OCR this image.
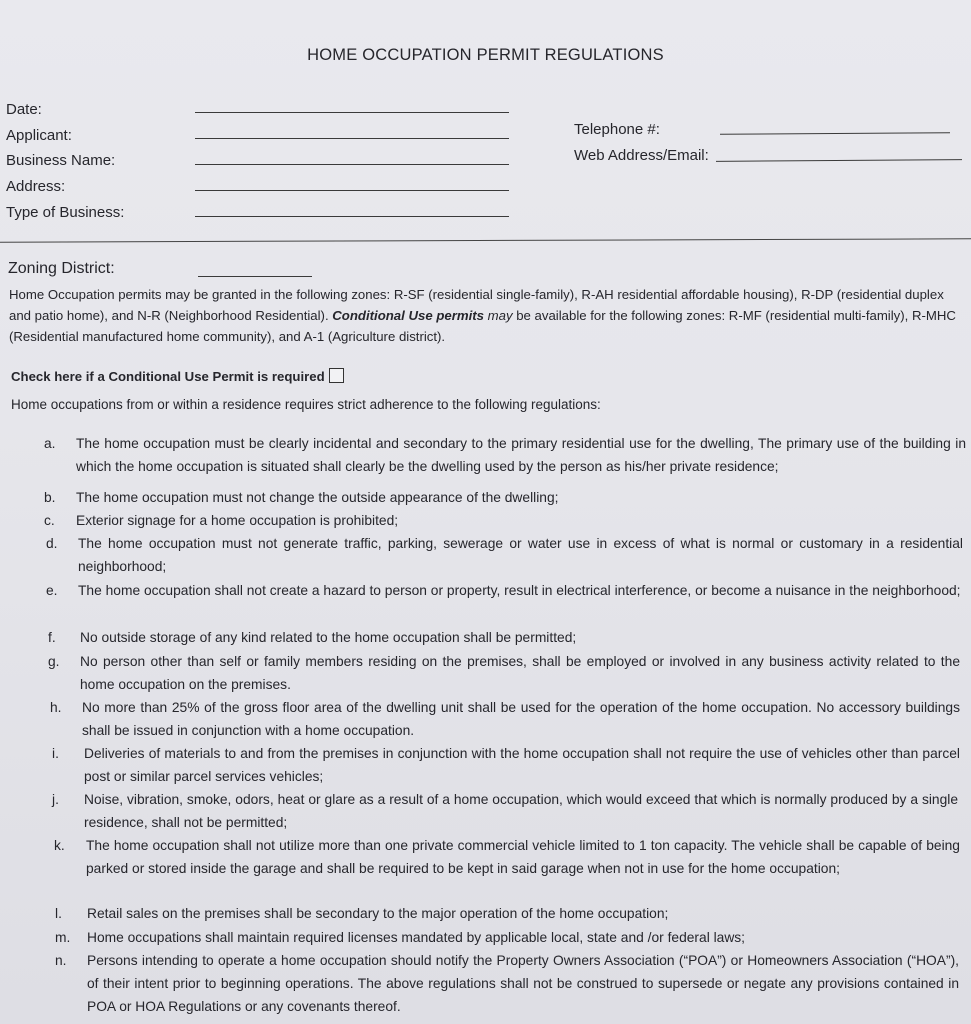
HOME OCCUPATION PERMIT REGULATIONS
Date:
Applicant:
Business Name:
Address:
Type of Business:
Telephone #:
Web Address/Email:
Zoning District:
Home Occupation permits may be granted in the following zones: R-SF (residential single-family), R-AH residential affordable housing), R-DP (residential duplex and patio home), and N-R (Neighborhood Residential). Conditional Use permits may be available for the following zones: R-MF (residential multi-family), R-MHC (Residential manufactured home community), and A-1 (Agriculture district).
Check here if a Conditional Use Permit is required
Home occupations from or within a residence requires strict adherence to the following regulations:
a. The home occupation must be clearly incidental and secondary to the primary residential use for the dwelling, The primary use of the building in which the home occupation is situated shall clearly be the dwelling used by the person as his/her private residence;
b. The home occupation must not change the outside appearance of the dwelling;
c. Exterior signage for a home occupation is prohibited;
d. The home occupation must not generate traffic, parking, sewerage or water use in excess of what is normal or customary in a residential neighborhood;
e. The home occupation shall not create a hazard to person or property, result in electrical interference, or become a nuisance in the neighborhood;
f. No outside storage of any kind related to the home occupation shall be permitted;
g. No person other than self or family members residing on the premises, shall be employed or involved in any business activity related to the home occupation on the premises.
h. No more than 25% of the gross floor area of the dwelling unit shall be used for the operation of the home occupation. No accessory buildings shall be issued in conjunction with a home occupation.
i. Deliveries of materials to and from the premises in conjunction with the home occupation shall not require the use of vehicles other than parcel post or similar parcel services vehicles;
j. Noise, vibration, smoke, odors, heat or glare as a result of a home occupation, which would exceed that which is normally produced by a single residence, shall not be permitted;
k. The home occupation shall not utilize more than one private commercial vehicle limited to 1 ton capacity. The vehicle shall be capable of being parked or stored inside the garage and shall be required to be kept in said garage when not in use for the home occupation;
l. Retail sales on the premises shall be secondary to the major operation of the home occupation;
m. Home occupations shall maintain required licenses mandated by applicable local, state and /or federal laws;
n. Persons intending to operate a home occupation should notify the Property Owners Association (“POA”) or Homeowners Association (“HOA”), of their intent prior to beginning operations. The above regulations shall not be construed to supersede or negate any provisions contained in POA or HOA Regulations or any covenants thereof.
